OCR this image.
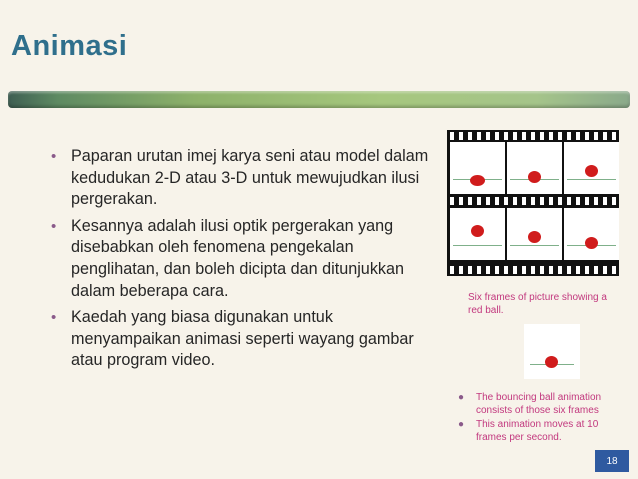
Animasi
• Paparan urutan imej karya seni atau model dalam kedudukan 2-D atau 3-D untuk mewujudkan ilusi pergerakan.
• Kesannya adalah ilusi optik pergerakan yang disebabkan oleh fenomena pengekalan penglihatan, dan boleh dicipta dan ditunjukkan dalam beberapa cara.
• Kaedah yang biasa digunakan untuk menyampaikan animasi seperti wayang gambar atau program video.
Six frames of picture showing a red ball.
● The bouncing ball animation consists of those six frames
● This animation moves at 10 frames per second.
18
